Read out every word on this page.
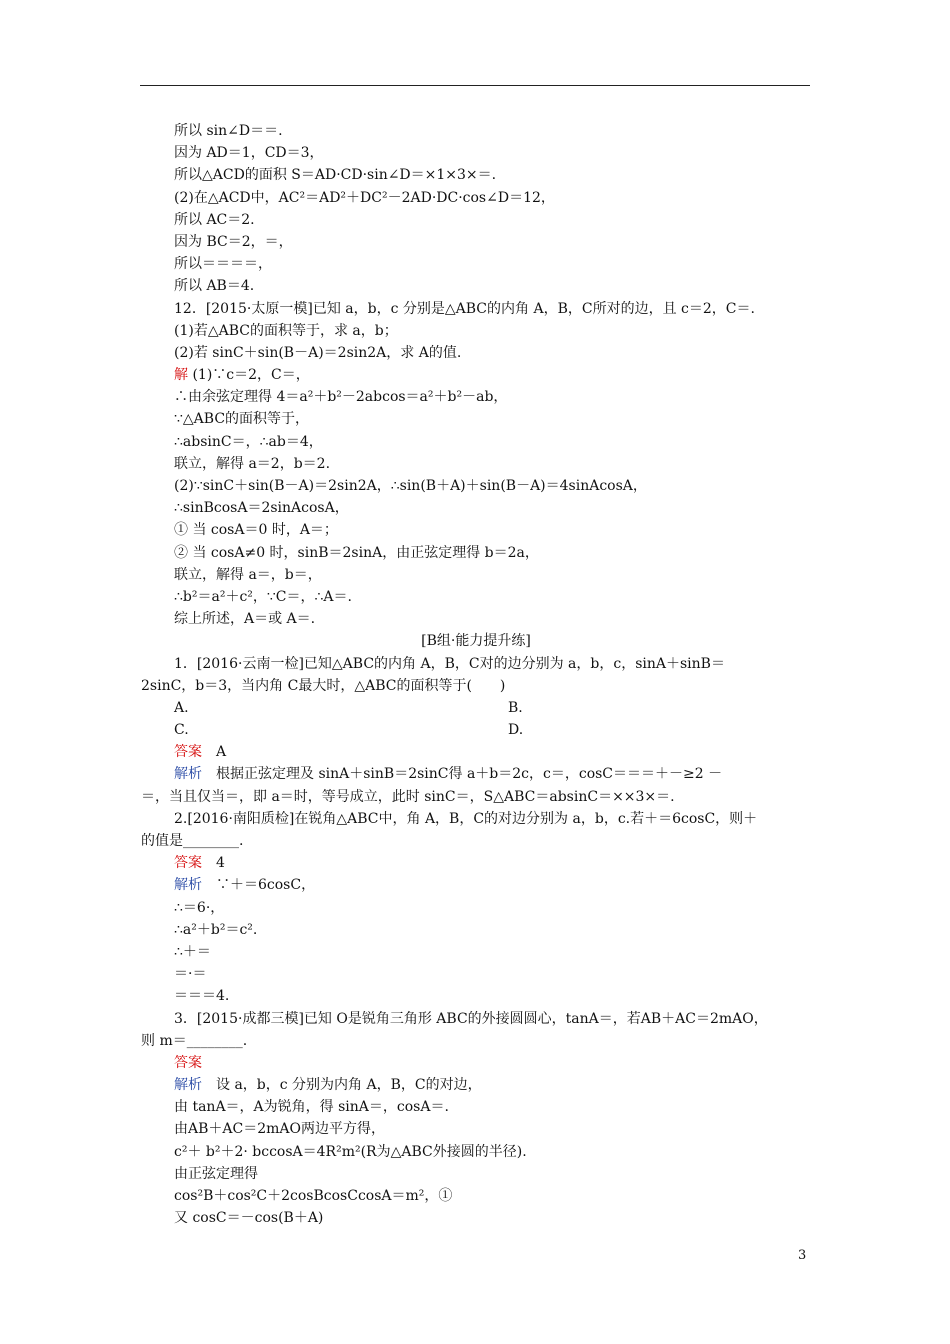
所以 sin∠D＝＝.
因为 AD＝1，CD＝3，
所以△ACD的面积 S＝AD·CD·sin∠D＝×1×3×＝.
(2)在△ACD中，AC²＝AD²＋DC²－2AD·DC·cos∠D＝12，
所以 AC＝2.
因为 BC＝2，＝，
所以＝＝＝＝，
所以 AB＝4.
12．[2015·太原一模]已知 a，b，c 分别是△ABC的内角 A，B，C所对的边，且 c＝2，C＝.
(1)若△ABC的面积等于，求 a，b；
(2)若 sinC＋sin(B－A)＝2sin2A，求 A的值.
解 (1)∵c＝2，C＝，
∴由余弦定理得 4＝a²＋b²－2abcos＝a²＋b²－ab，
∵△ABC的面积等于，
∴absinC＝，∴ab＝4，
联立，解得 a＝2，b＝2.
(2)∵sinC＋sin(B－A)＝2sin2A，∴sin(B＋A)＋sin(B－A)＝4sinAcosA，
∴sinBcosA＝2sinAcosA，
① 当 cosA＝0 时，A＝；
② 当 cosA≠0 时，sinB＝2sinA，由正弦定理得 b＝2a，
联立，解得 a＝，b＝，
∴b²＝a²＋c²，∵C＝，∴A＝.
综上所述，A＝或 A＝.
[B组·能力提升练]
1．[2016·云南一检]已知△ABC的内角 A，B，C对的边分别为 a，b，c，sinA＋sinB＝
2sinC，b＝3，当内角 C最大时，△ABC的面积等于(　　)
A.	B.
C.	D.
答案　A
解析　根据正弦定理及 sinA＋sinB＝2sinC得 a＋b＝2c，c＝，cosC＝＝＝＋－≥2 －
＝，当且仅当＝，即 a＝时，等号成立，此时 sinC＝，S△ABC＝absinC＝××3×＝.
2.[2016·南阳质检]在锐角△ABC中，角 A，B，C的对边分别为 a，b，c.若＋＝6cosC，则＋
的值是________.
答案　4
解析　∵＋＝6cosC，
∴＝6·，
∴a²＋b²＝c².
∴＋＝
＝·＝
＝＝＝4.
3．[2015·成都三模]已知 O是锐角三角形 ABC的外接圆圆心，tanA＝，若AB＋AC＝2mAO，
则 m＝________.
答案
解析　设 a，b，c 分别为内角 A，B，C的对边，
由 tanA＝，A为锐角，得 sinA＝，cosA＝.
由AB＋AC＝2mAO两边平方得，
c²＋ b²＋2· bccosA＝4R²m²(R为△ABC外接圆的半径).
由正弦定理得
cos²B＋cos²C＋2cosBcosCcosA＝m²，①
又 cosC＝－cos(B＋A)
3
